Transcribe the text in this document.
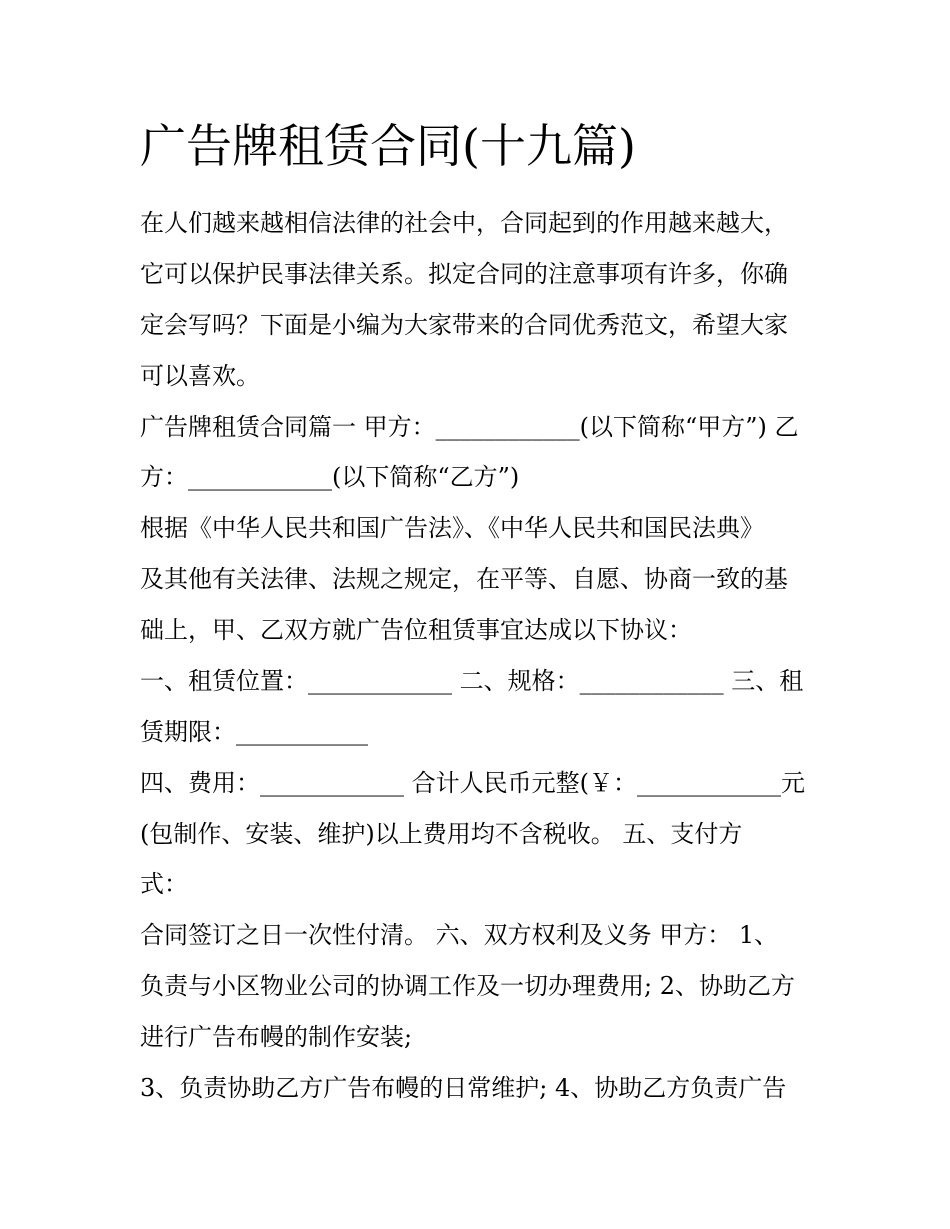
广告牌租赁合同(十九篇)

在人们越来越相信法律的社会中，合同起到的作用越来越大，

它可以保护民事法律关系。拟定合同的注意事项有许多，你确

定会写吗？下面是小编为大家带来的合同优秀范文，希望大家

可以喜欢。

广告牌租赁合同篇一 甲方：____________(以下简称“甲方”) 乙

方：____________(以下简称“乙方”)

根据《中华人民共和国广告法》、《中华人民共和国民法典》

及其他有关法律、法规之规定，在平等、自愿、协商一致的基

础上，甲、乙双方就广告位租赁事宜达成以下协议：

一、租赁位置：____________ 二、规格：____________ 三、租

赁期限：___________

四、费用：____________ 合计人民币元整(￥：____________元

(包制作、安装、维护)以上费用均不含税收。 五、支付方

式：

合同签订之日一次性付清。 六、双方权利及义务 甲方： 1、

负责与小区物业公司的协调工作及一切办理费用; 2、协助乙方

进行广告布幔的制作安装;

3、负责协助乙方广告布幔的日常维护; 4、协助乙方负责广告
